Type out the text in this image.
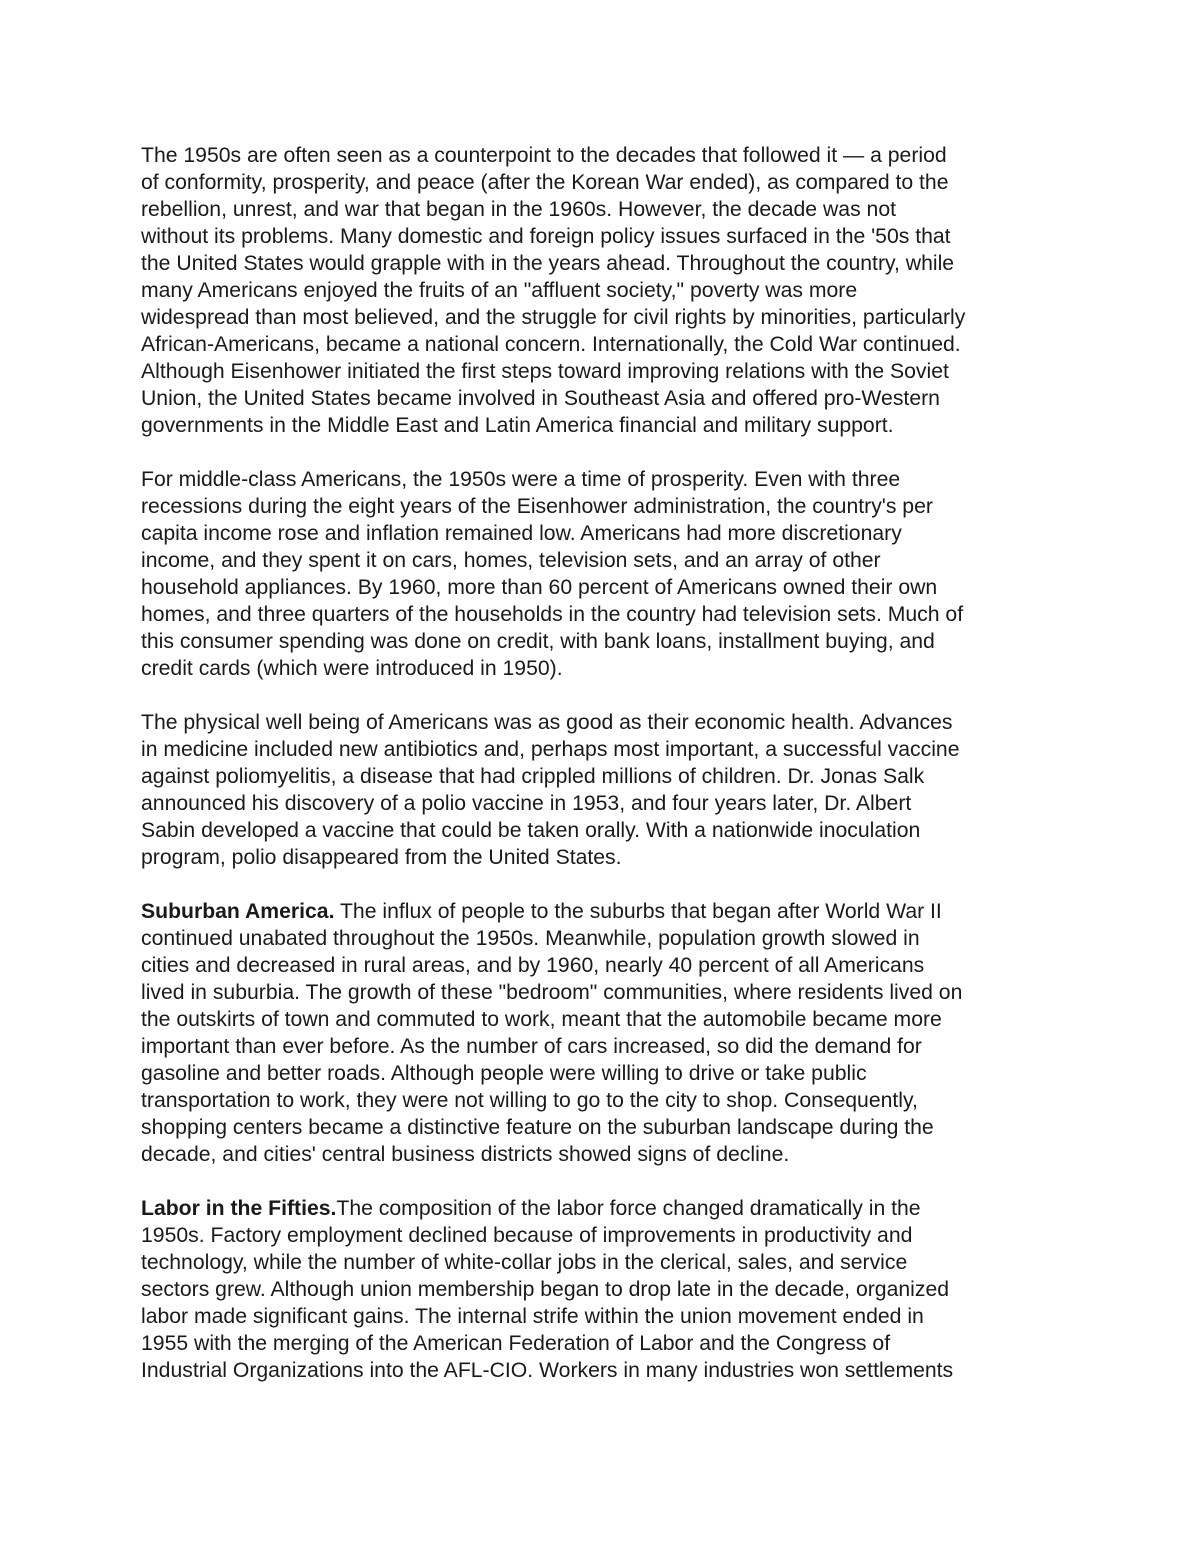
The 1950s are often seen as a counterpoint to the decades that followed it — a period
of conformity, prosperity, and peace (after the Korean War ended), as compared to the
rebellion, unrest, and war that began in the 1960s. However, the decade was not
without its problems. Many domestic and foreign policy issues surfaced in the '50s that
the United States would grapple with in the years ahead. Throughout the country, while
many Americans enjoyed the fruits of an "affluent society," poverty was more
widespread than most believed, and the struggle for civil rights by minorities, particularly
African-Americans, became a national concern. Internationally, the Cold War continued.
Although Eisenhower initiated the first steps toward improving relations with the Soviet
Union, the United States became involved in Southeast Asia and offered pro-Western
governments in the Middle East and Latin America financial and military support.

For middle-class Americans, the 1950s were a time of prosperity. Even with three
recessions during the eight years of the Eisenhower administration, the country's per
capita income rose and inflation remained low. Americans had more discretionary
income, and they spent it on cars, homes, television sets, and an array of other
household appliances. By 1960, more than 60 percent of Americans owned their own
homes, and three quarters of the households in the country had television sets. Much of
this consumer spending was done on credit, with bank loans, installment buying, and
credit cards (which were introduced in 1950).

The physical well being of Americans was as good as their economic health. Advances
in medicine included new antibiotics and, perhaps most important, a successful vaccine
against poliomyelitis, a disease that had crippled millions of children. Dr. Jonas Salk
announced his discovery of a polio vaccine in 1953, and four years later, Dr. Albert
Sabin developed a vaccine that could be taken orally. With a nationwide inoculation
program, polio disappeared from the United States.

Suburban America. The influx of people to the suburbs that began after World War II
continued unabated throughout the 1950s. Meanwhile, population growth slowed in
cities and decreased in rural areas, and by 1960, nearly 40 percent of all Americans
lived in suburbia. The growth of these "bedroom" communities, where residents lived on
the outskirts of town and commuted to work, meant that the automobile became more
important than ever before. As the number of cars increased, so did the demand for
gasoline and better roads. Although people were willing to drive or take public
transportation to work, they were not willing to go to the city to shop. Consequently,
shopping centers became a distinctive feature on the suburban landscape during the
decade, and cities' central business districts showed signs of decline.

Labor in the Fifties.The composition of the labor force changed dramatically in the
1950s. Factory employment declined because of improvements in productivity and
technology, while the number of white-collar jobs in the clerical, sales, and service
sectors grew. Although union membership began to drop late in the decade, organized
labor made significant gains. The internal strife within the union movement ended in
1955 with the merging of the American Federation of Labor and the Congress of
Industrial Organizations into the AFL-CIO. Workers in many industries won settlements
